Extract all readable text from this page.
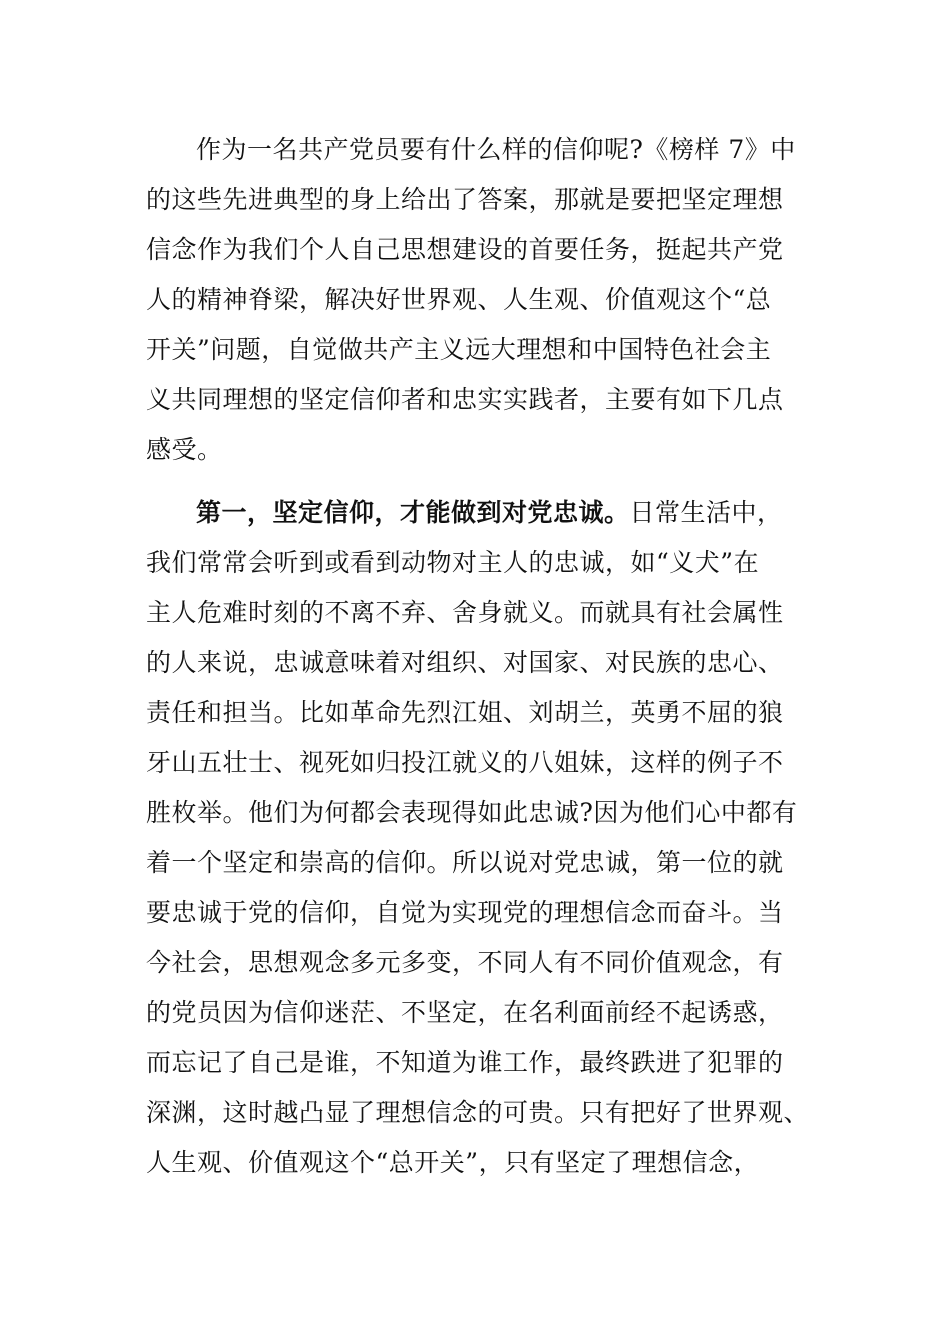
作为一名共产党员要有什么样的信仰呢?《榜样 7》中
的这些先进典型的身上给出了答案，那就是要把坚定理想
信念作为我们个人自己思想建设的首要任务，挺起共产党
人的精神脊梁，解决好世界观、人生观、价值观这个“总
开关”问题，自觉做共产主义远大理想和中国特色社会主
义共同理想的坚定信仰者和忠实实践者，主要有如下几点
感受。
第一，坚定信仰，才能做到对党忠诚。日常生活中，
我们常常会听到或看到动物对主人的忠诚，如“义犬”在
主人危难时刻的不离不弃、舍身就义。而就具有社会属性
的人来说，忠诚意味着对组织、对国家、对民族的忠心、
责任和担当。比如革命先烈江姐、刘胡兰，英勇不屈的狼
牙山五壮士、视死如归投江就义的八姐妹，这样的例子不
胜枚举。他们为何都会表现得如此忠诚?因为他们心中都有
着一个坚定和崇高的信仰。所以说对党忠诚，第一位的就
要忠诚于党的信仰，自觉为实现党的理想信念而奋斗。当
今社会，思想观念多元多变，不同人有不同价值观念，有
的党员因为信仰迷茫、不坚定，在名利面前经不起诱惑，
而忘记了自己是谁，不知道为谁工作，最终跌进了犯罪的
深渊，这时越凸显了理想信念的可贵。只有把好了世界观、
人生观、价值观这个“总开关”，只有坚定了理想信念，
